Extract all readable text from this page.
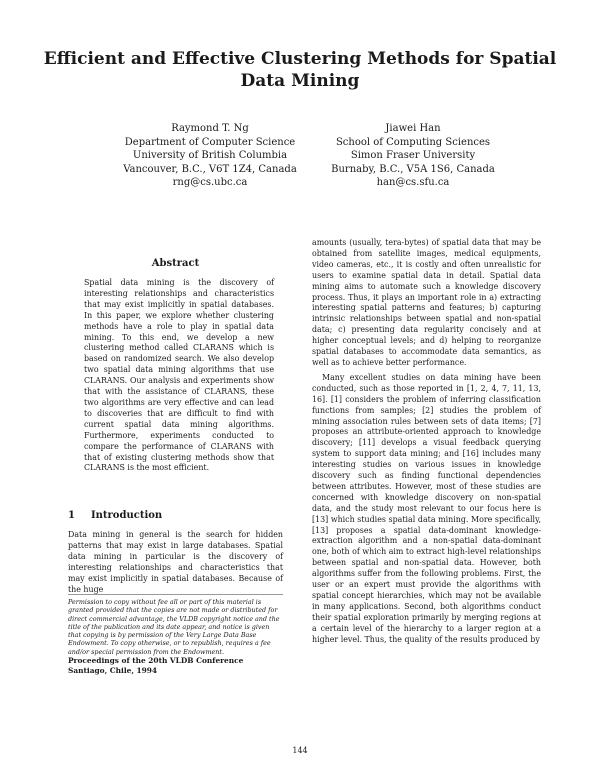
Efficient and Effective Clustering Methods for Spatial Data Mining
Raymond T. Ng
Department of Computer Science
University of British Columbia
Vancouver, B.C., V6T 1Z4, Canada
rng@cs.ubc.ca
Jiawei Han
School of Computing Sciences
Simon Fraser University
Burnaby, B.C., V5A 1S6, Canada
han@cs.sfu.ca
Abstract

Spatial data mining is the discovery of interesting relationships and characteristics that may exist implicitly in spatial databases. In this paper, we explore whether clustering methods have a role to play in spatial data mining. To this end, we develop a new clustering method called CLARANS which is based on randomized search. We also develop two spatial data mining algorithms that use CLARANS. Our analysis and experiments show that with the assistance of CLARANS, these two algorithms are very effective and can lead to discoveries that are difficult to find with current spatial data mining algorithms. Furthermore, experiments conducted to compare the performance of CLARANS with that of existing clustering methods show that CLARANS is the most efficient.

1 Introduction

Data mining in general is the search for hidden patterns that may exist in large databases. Spatial data mining in particular is the discovery of interesting relationships and characteristics that may exist implicitly in spatial databases. Because of the huge

Permission to copy without fee all or part of this material is granted provided that the copies are not made or distributed for direct commercial advantage, the VLDB copyright notice and the title of the publication and its date appear, and notice is given that copying is by permission of the Very Large Data Base Endowment. To copy otherwise, or to republish, requires a fee and/or special permission from the Endowment.

Proceedings of the 20th VLDB Conference
Santiago, Chile, 1994

amounts (usually, tera-bytes) of spatial data that may be obtained from satellite images, medical equipments, video cameras, etc., it is costly and often unrealistic for users to examine spatial data in detail. Spatial data mining aims to automate such a knowledge discovery process. Thus, it plays an important role in a) extracting interesting spatial patterns and features; b) capturing intrinsic relationships between spatial and non-spatial data; c) presenting data regularity concisely and at higher conceptual levels; and d) helping to reorganize spatial databases to accommodate data semantics, as well as to achieve better performance.

Many excellent studies on data mining have been conducted, such as those reported in [1, 2, 4, 7, 11, 13, 16]. [1] considers the problem of inferring classification functions from samples; [2] studies the problem of mining association rules between sets of data items; [7] proposes an attribute-oriented approach to knowledge discovery; [11] develops a visual feedback querying system to support data mining; and [16] includes many interesting studies on various issues in knowledge discovery such as finding functional dependencies between attributes. However, most of these studies are concerned with knowledge discovery on non-spatial data, and the study most relevant to our focus here is [13] which studies spatial data mining. More specifically, [13] proposes a spatial data-dominant knowledge-extraction algorithm and a non-spatial data-dominant one, both of which aim to extract high-level relationships between spatial and non-spatial data. However, both algorithms suffer from the following problems. First, the user or an expert must provide the algorithms with spatial concept hierarchies, which may not be available in many applications. Second, both algorithms conduct their spatial exploration primarily by merging regions at a certain level of the hierarchy to a larger region at a higher level. Thus, the quality of the results produced by

144
